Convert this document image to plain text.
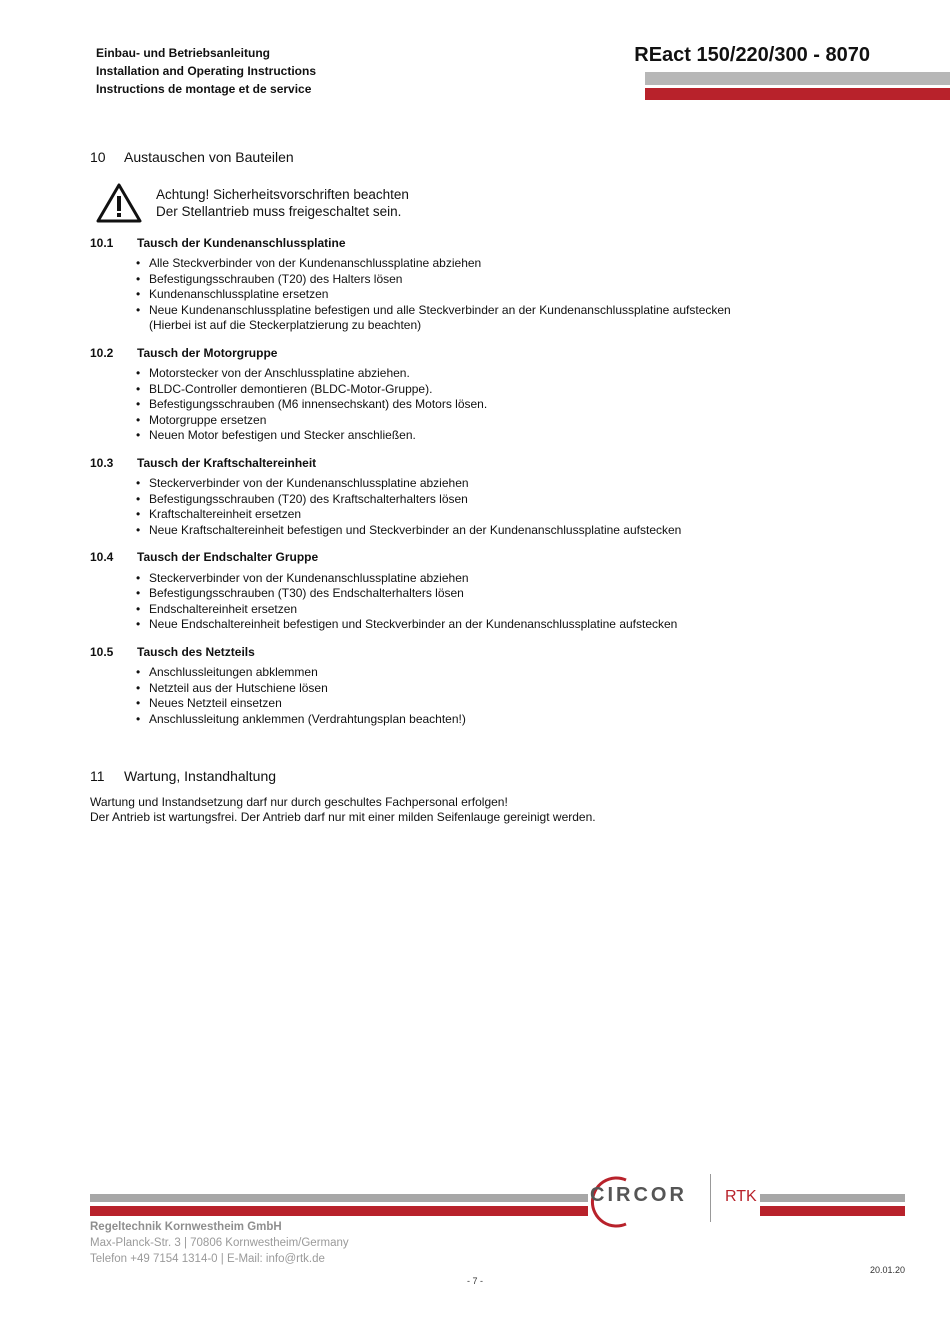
Einbau- und Betriebsanleitung
Installation and Operating Instructions
Instructions de montage et de service
REact 150/220/300 - 8070
10	Austauschen von Bauteilen
Achtung! Sicherheitsvorschriften beachten
Der Stellantrieb muss freigeschaltet sein.
10.1	Tausch der Kundenanschlussplatine
• Alle Steckverbinder von der Kundenanschlussplatine abziehen
• Befestigungsschrauben (T20) des Halters lösen
• Kundenanschlussplatine ersetzen
• Neue Kundenanschlussplatine befestigen und alle Steckverbinder an der Kundenanschlussplatine aufstecken
(Hierbei ist auf die Steckerplatzierung zu beachten)
10.2	Tausch der Motorgruppe
• Motorstecker von der Anschlussplatine abziehen.
• BLDC-Controller demontieren (BLDC-Motor-Gruppe).
• Befestigungsschrauben (M6 innensechskant) des Motors lösen.
• Motorgruppe ersetzen
• Neuen Motor befestigen und Stecker anschließen.
10.3	Tausch der Kraftschaltereinheit
• Steckerverbinder von der Kundenanschlussplatine abziehen
• Befestigungsschrauben (T20) des Kraftschalterhalters lösen
• Kraftschaltereinheit ersetzen
• Neue Kraftschaltereinheit befestigen und Steckverbinder an der Kundenanschlussplatine aufstecken
10.4	Tausch der Endschalter Gruppe
• Steckerverbinder von der Kundenanschlussplatine abziehen
• Befestigungsschrauben (T30) des Endschalterhalters lösen
• Endschaltereinheit ersetzen
• Neue Endschaltereinheit befestigen und Steckverbinder an der Kundenanschlussplatine aufstecken
10.5	Tausch des Netzteils
• Anschlussleitungen abklemmen
• Netzteil aus der Hutschiene lösen
• Neues Netzteil einsetzen
• Anschlussleitung anklemmen (Verdrahtungsplan beachten!)
11	Wartung, Instandhaltung
Wartung und Instandsetzung darf nur durch geschultes Fachpersonal erfolgen!
Der Antrieb ist wartungsfrei. Der Antrieb darf nur mit einer milden Seifenlauge gereinigt werden.
CIRCOR RTK
Regeltechnik Kornwestheim GmbH
Max-Planck-Str. 3 | 70806 Kornwestheim/Germany
Telefon +49 7154 1314-0 | E-Mail: info@rtk.de
20.01.20
- 7 -
